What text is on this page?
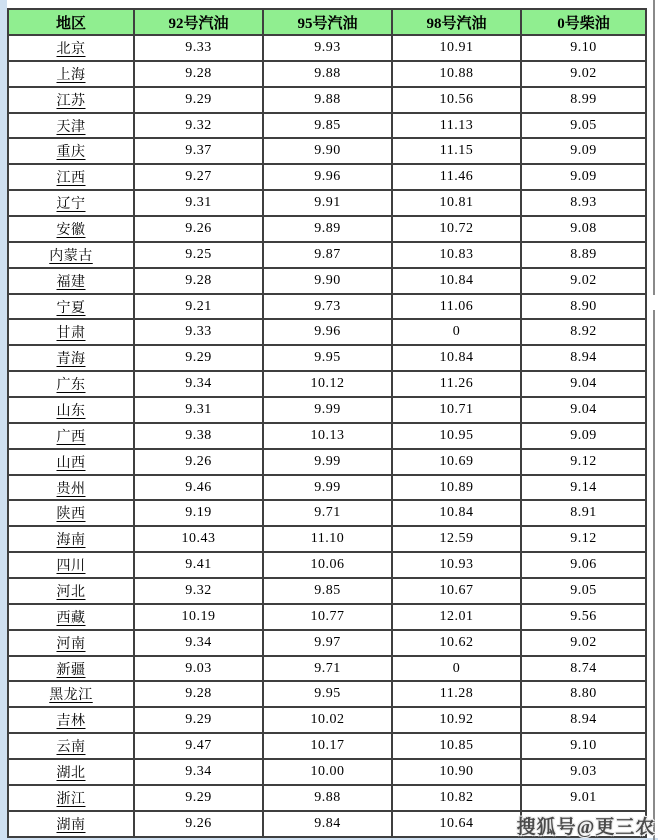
地区	92号汽油	95号汽油	98号汽油	0号柴油
北京	9.33	9.93	10.91	9.10
上海	9.28	9.88	10.88	9.02
江苏	9.29	9.88	10.56	8.99
天津	9.32	9.85	11.13	9.05
重庆	9.37	9.90	11.15	9.09
江西	9.27	9.96	11.46	9.09
辽宁	9.31	9.91	10.81	8.93
安徽	9.26	9.89	10.72	9.08
内蒙古	9.25	9.87	10.83	8.89
福建	9.28	9.90	10.84	9.02
宁夏	9.21	9.73	11.06	8.90
甘肃	9.33	9.96	0	8.92
青海	9.29	9.95	10.84	8.94
广东	9.34	10.12	11.26	9.04
山东	9.31	9.99	10.71	9.04
广西	9.38	10.13	10.95	9.09
山西	9.26	9.99	10.69	9.12
贵州	9.46	9.99	10.89	9.14
陕西	9.19	9.71	10.84	8.91
海南	10.43	11.10	12.59	9.12
四川	9.41	10.06	10.93	9.06
河北	9.32	9.85	10.67	9.05
西藏	10.19	10.77	12.01	9.56
河南	9.34	9.97	10.62	9.02
新疆	9.03	9.71	0	8.74
黑龙江	9.28	9.95	11.28	8.80
吉林	9.29	10.02	10.92	8.94
云南	9.47	10.17	10.85	9.10
湖北	9.34	10.00	10.90	9.03
浙江	9.29	9.88	10.82	9.01
湖南	9.26	9.84	10.64	搜狐号@更三农
